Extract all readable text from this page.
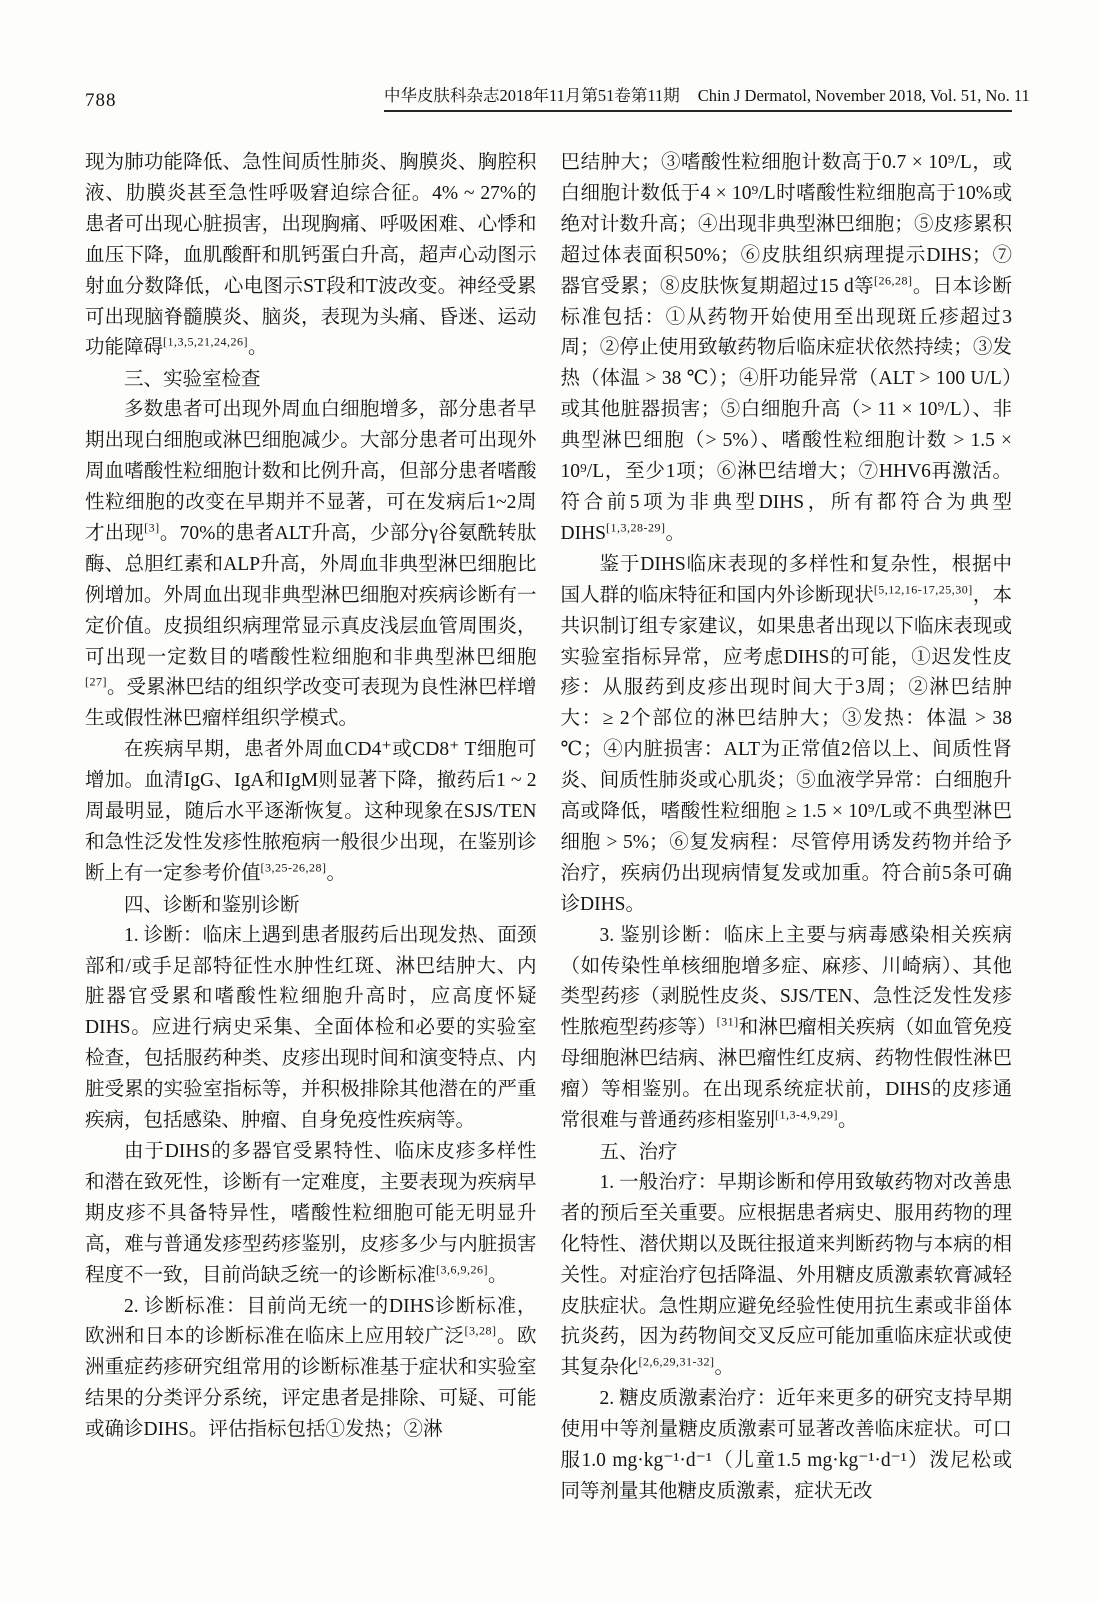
788	中华皮肤科杂志2018年11月第51卷第11期 Chin J Dermatol, November 2018, Vol. 51, No. 11

现为肺功能降低、急性间质性肺炎、胸膜炎、胸腔积液、肋膜炎甚至急性呼吸窘迫综合征。4% ~ 27%的患者可出现心脏损害，出现胸痛、呼吸困难、心悸和血压下降，血肌酸酐和肌钙蛋白升高，超声心动图示射血分数降低，心电图示ST段和T波改变。神经受累可出现脑脊髓膜炎、脑炎，表现为头痛、昏迷、运动功能障碍[1,3,5,21,24,26]。

三、实验室检查

多数患者可出现外周血白细胞增多，部分患者早期出现白细胞或淋巴细胞减少。大部分患者可出现外周血嗜酸性粒细胞计数和比例升高，但部分患者嗜酸性粒细胞的改变在早期并不显著，可在发病后1~2周才出现[3]。70%的患者ALT升高，少部分γ谷氨酰转肽酶、总胆红素和ALP升高，外周血非典型淋巴细胞比例增加。外周血出现非典型淋巴细胞对疾病诊断有一定价值。皮损组织病理常显示真皮浅层血管周围炎，可出现一定数目的嗜酸性粒细胞和非典型淋巴细胞[27]。受累淋巴结的组织学改变可表现为良性淋巴样增生或假性淋巴瘤样组织学模式。

在疾病早期，患者外周血CD4⁺或CD8⁺ T细胞可增加。血清IgG、IgA和IgM则显著下降，撤药后1 ~ 2周最明显，随后水平逐渐恢复。这种现象在SJS/TEN和急性泛发性发疹性脓疱病一般很少出现，在鉴别诊断上有一定参考价值[3,25-26,28]。

四、诊断和鉴别诊断

1. 诊断：临床上遇到患者服药后出现发热、面颈部和/或手足部特征性水肿性红斑、淋巴结肿大、内脏器官受累和嗜酸性粒细胞升高时，应高度怀疑DIHS。应进行病史采集、全面体检和必要的实验室检查，包括服药种类、皮疹出现时间和演变特点、内脏受累的实验室指标等，并积极排除其他潜在的严重疾病，包括感染、肿瘤、自身免疫性疾病等。

由于DIHS的多器官受累特性、临床皮疹多样性和潜在致死性，诊断有一定难度，主要表现为疾病早期皮疹不具备特异性，嗜酸性粒细胞可能无明显升高，难与普通发疹型药疹鉴别，皮疹多少与内脏损害程度不一致，目前尚缺乏统一的诊断标准[3,6,9,26]。

2. 诊断标准：目前尚无统一的DIHS诊断标准，欧洲和日本的诊断标准在临床上应用较广泛[3,28]。欧洲重症药疹研究组常用的诊断标准基于症状和实验室结果的分类评分系统，评定患者是排除、可疑、可能或确诊DIHS。评估指标包括①发热；②淋

巴结肿大；③嗜酸性粒细胞计数高于0.7 × 10⁹/L，或白细胞计数低于4 × 10⁹/L时嗜酸性粒细胞高于10%或绝对计数升高；④出现非典型淋巴细胞；⑤皮疹累积超过体表面积50%；⑥皮肤组织病理提示DIHS；⑦器官受累；⑧皮肤恢复期超过15 d等[26,28]。日本诊断标准包括：①从药物开始使用至出现斑丘疹超过3周；②停止使用致敏药物后临床症状依然持续；③发热（体温 > 38 ℃）；④肝功能异常（ALT > 100 U/L）或其他脏器损害；⑤白细胞升高（> 11 × 10⁹/L）、非典型淋巴细胞（> 5%）、嗜酸性粒细胞计数 > 1.5 × 10⁹/L，至少1项；⑥淋巴结增大；⑦HHV6再激活。符合前5项为非典型DIHS，所有都符合为典型DIHS[1,3,28-29]。

鉴于DIHS临床表现的多样性和复杂性，根据中国人群的临床特征和国内外诊断现状[5,12,16-17,25,30]，本共识制订组专家建议，如果患者出现以下临床表现或实验室指标异常，应考虑DIHS的可能，①迟发性皮疹：从服药到皮疹出现时间大于3周；②淋巴结肿大：≥ 2个部位的淋巴结肿大；③发热：体温 > 38 ℃；④内脏损害：ALT为正常值2倍以上、间质性肾炎、间质性肺炎或心肌炎；⑤血液学异常：白细胞升高或降低，嗜酸性粒细胞 ≥ 1.5 × 10⁹/L或不典型淋巴细胞 > 5%；⑥复发病程：尽管停用诱发药物并给予治疗，疾病仍出现病情复发或加重。符合前5条可确诊DIHS。

3. 鉴别诊断：临床上主要与病毒感染相关疾病（如传染性单核细胞增多症、麻疹、川崎病）、其他类型药疹（剥脱性皮炎、SJS/TEN、急性泛发性发疹性脓疱型药疹等）[31]和淋巴瘤相关疾病（如血管免疫母细胞淋巴结病、淋巴瘤性红皮病、药物性假性淋巴瘤）等相鉴别。在出现系统症状前，DIHS的皮疹通常很难与普通药疹相鉴别[1,3-4,9,29]。

五、治疗

1. 一般治疗：早期诊断和停用致敏药物对改善患者的预后至关重要。应根据患者病史、服用药物的理化特性、潜伏期以及既往报道来判断药物与本病的相关性。对症治疗包括降温、外用糖皮质激素软膏减轻皮肤症状。急性期应避免经验性使用抗生素或非甾体抗炎药，因为药物间交叉反应可能加重临床症状或使其复杂化[2,6,29,31-32]。

2. 糖皮质激素治疗：近年来更多的研究支持早期使用中等剂量糖皮质激素可显著改善临床症状。可口服1.0 mg·kg⁻¹·d⁻¹（儿童1.5 mg·kg⁻¹·d⁻¹）泼尼松或同等剂量其他糖皮质激素，症状无改
